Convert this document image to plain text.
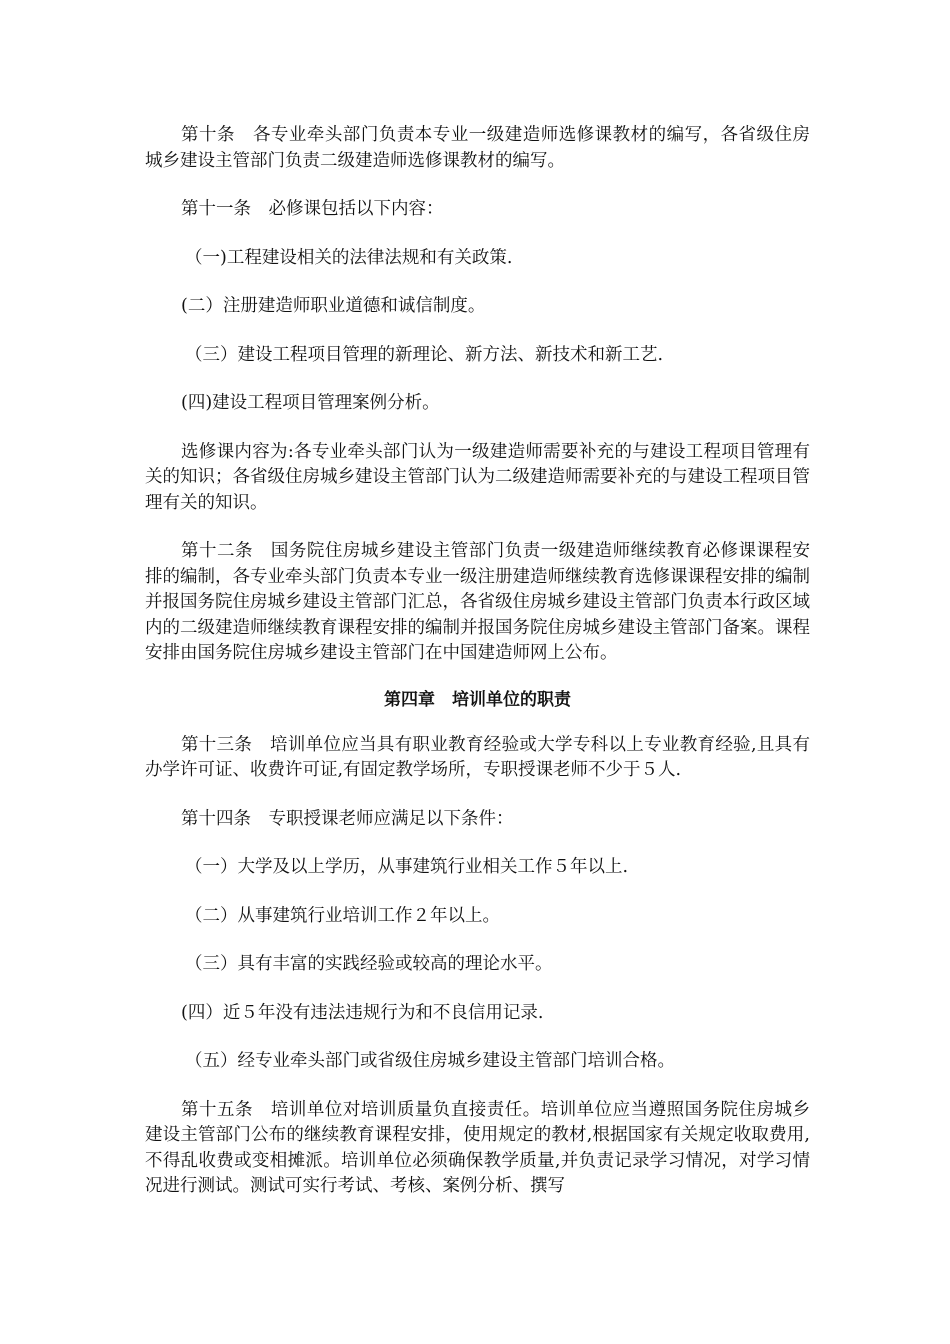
第十条　各专业牵头部门负责本专业一级建造师选修课教材的编写，各省级住房城乡建设主管部门负责二级建造师选修课教材的编写。

第十一条　必修课包括以下内容：

（一)工程建设相关的法律法规和有关政策.

(二）注册建造师职业道德和诚信制度。

（三）建设工程项目管理的新理论、新方法、新技术和新工艺.

(四)建设工程项目管理案例分析。

选修课内容为:各专业牵头部门认为一级建造师需要补充的与建设工程项目管理有关的知识；各省级住房城乡建设主管部门认为二级建造师需要补充的与建设工程项目管理有关的知识。

第十二条　国务院住房城乡建设主管部门负责一级建造师继续教育必修课课程安排的编制，各专业牵头部门负责本专业一级注册建造师继续教育选修课课程安排的编制并报国务院住房城乡建设主管部门汇总，各省级住房城乡建设主管部门负责本行政区域内的二级建造师继续教育课程安排的编制并报国务院住房城乡建设主管部门备案。课程安排由国务院住房城乡建设主管部门在中国建造师网上公布。

第四章　培训单位的职责

第十三条　培训单位应当具有职业教育经验或大学专科以上专业教育经验,且具有办学许可证、收费许可证,有固定教学场所，专职授课老师不少于５人.

第十四条　专职授课老师应满足以下条件：

（一）大学及以上学历，从事建筑行业相关工作５年以上.

（二）从事建筑行业培训工作２年以上。

（三）具有丰富的实践经验或较高的理论水平。

(四）近５年没有违法违规行为和不良信用记录.

（五）经专业牵头部门或省级住房城乡建设主管部门培训合格。

第十五条　培训单位对培训质量负直接责任。培训单位应当遵照国务院住房城乡建设主管部门公布的继续教育课程安排，使用规定的教材,根据国家有关规定收取费用,不得乱收费或变相摊派。培训单位必须确保教学质量,并负责记录学习情况，对学习情况进行测试。测试可实行考试、考核、案例分析、撰写
